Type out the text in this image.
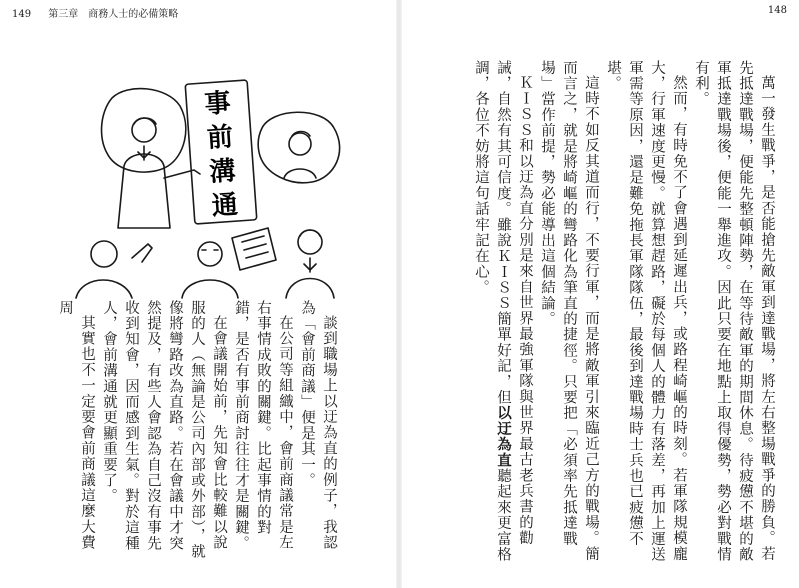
149 第三章　商務人士的必備策略	148
事
前
溝
通	萬一發生戰爭，是否能搶先敵軍到達戰場，將左右整場戰爭的勝負。若先抵達戰場，便能先整頓陣勢，在等待敵軍的期間休息。待疲憊不堪的敵軍抵達戰場後，便能一舉進攻。因此只要在地點上取得優勢，勢必對戰情有利。

然而，有時免不了會遇到延遲出兵，或路程崎嶇的時刻。若軍隊規模龐大，行軍速度更慢。就算想趕路，礙於每個人的體力有落差，再加上運送軍需等原因，還是難免拖長軍隊隊伍，最後到達戰場時士兵也已疲憊不堪。

這時不如反其道而行，不要行軍，而是將敵軍引來臨近己方的戰場。簡而言之，就是將崎嶇的彎路化為筆直的捷徑。只要把「必須率先抵達戰場」當作前提，勢必能導出這個結論。

ＫＩＳＳ和以迂為直分別是來自世界最強軍隊與世界最古老兵書的勸誡，自然有其可信度。雖說ＫＩＳＳ簡單好記，但以迂為直聽起來更富格調，各位不妨將這句話牢記在心。

談到職場上以迂為直的例子，我認為「會前商議」便是其一。

在公司等組織中，會前商議常是左右事情成敗的關鍵。比起事情的對錯，是否有事前商討往往才是關鍵。

在會議開始前，先知會比較難以說服的人（無論是公司內部或外部），就像將彎路改為直路。若在會議中才突然提及，有些人會認為自己沒有事先收到知會，因而感到生氣。對於這種人，會前溝通就更顯重要了。

其實也不一定要會前商議這麼大費周
